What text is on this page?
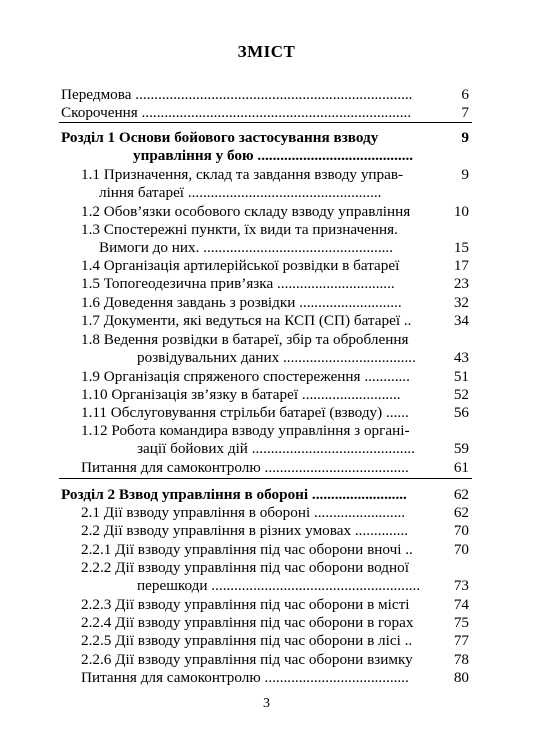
ЗМІСТ
Передмова .........................................................................	6
Скорочення .......................................................................	7
Розділ 1 Основи бойового застосування взводу	9
управління у бою .........................................
1.1 Призначення, склад та завдання взводу управ-	9
ління батареї ...................................................
1.2 Обов’язки особового складу взводу управління	10
1.3 Спостережні пункти, їх види та призначення.
Вимоги до них. ..................................................	15
1.4 Організація артилерійської розвідки в батареї	17
1.5 Топогеодезична прив’язка ...............................	23
1.6 Доведення завдань з розвідки ...........................	32
1.7 Документи, які ведуться на КСП (СП) батареї ..	34
1.8 Ведення розвідки в батареї, збір та оброблення
розвідувальних даних ................................... 43
1.9 Організація спряженого спостереження ............	51
1.10 Організація зв’язку в батареї ..........................	52
1.11 Обслуговування стрільби батареї (взводу) ......	56
1.12 Робота командира взводу управління з органі-
зації бойових дій ...........................................	59
Питання для самоконтролю ......................................	61
Розділ 2 Взвод управління в обороні .........................	62
2.1 Дії взводу управління в обороні ........................	62
2.2 Дії взводу управління в різних умовах ..............	70
2.2.1 Дії взводу управління під час оборони вночі ..	70
2.2.2 Дії взводу управління під час оборони водної
перешкоди ....................................................... 73
2.2.3 Дії взводу управління під час оборони в місті	74
2.2.4 Дії взводу управління під час оборони в горах	75
2.2.5 Дії взводу управління під час оборони в лісі ..	77
2.2.6 Дії взводу управління під час оборони взимку	78
Питання для самоконтролю ......................................	80
3
